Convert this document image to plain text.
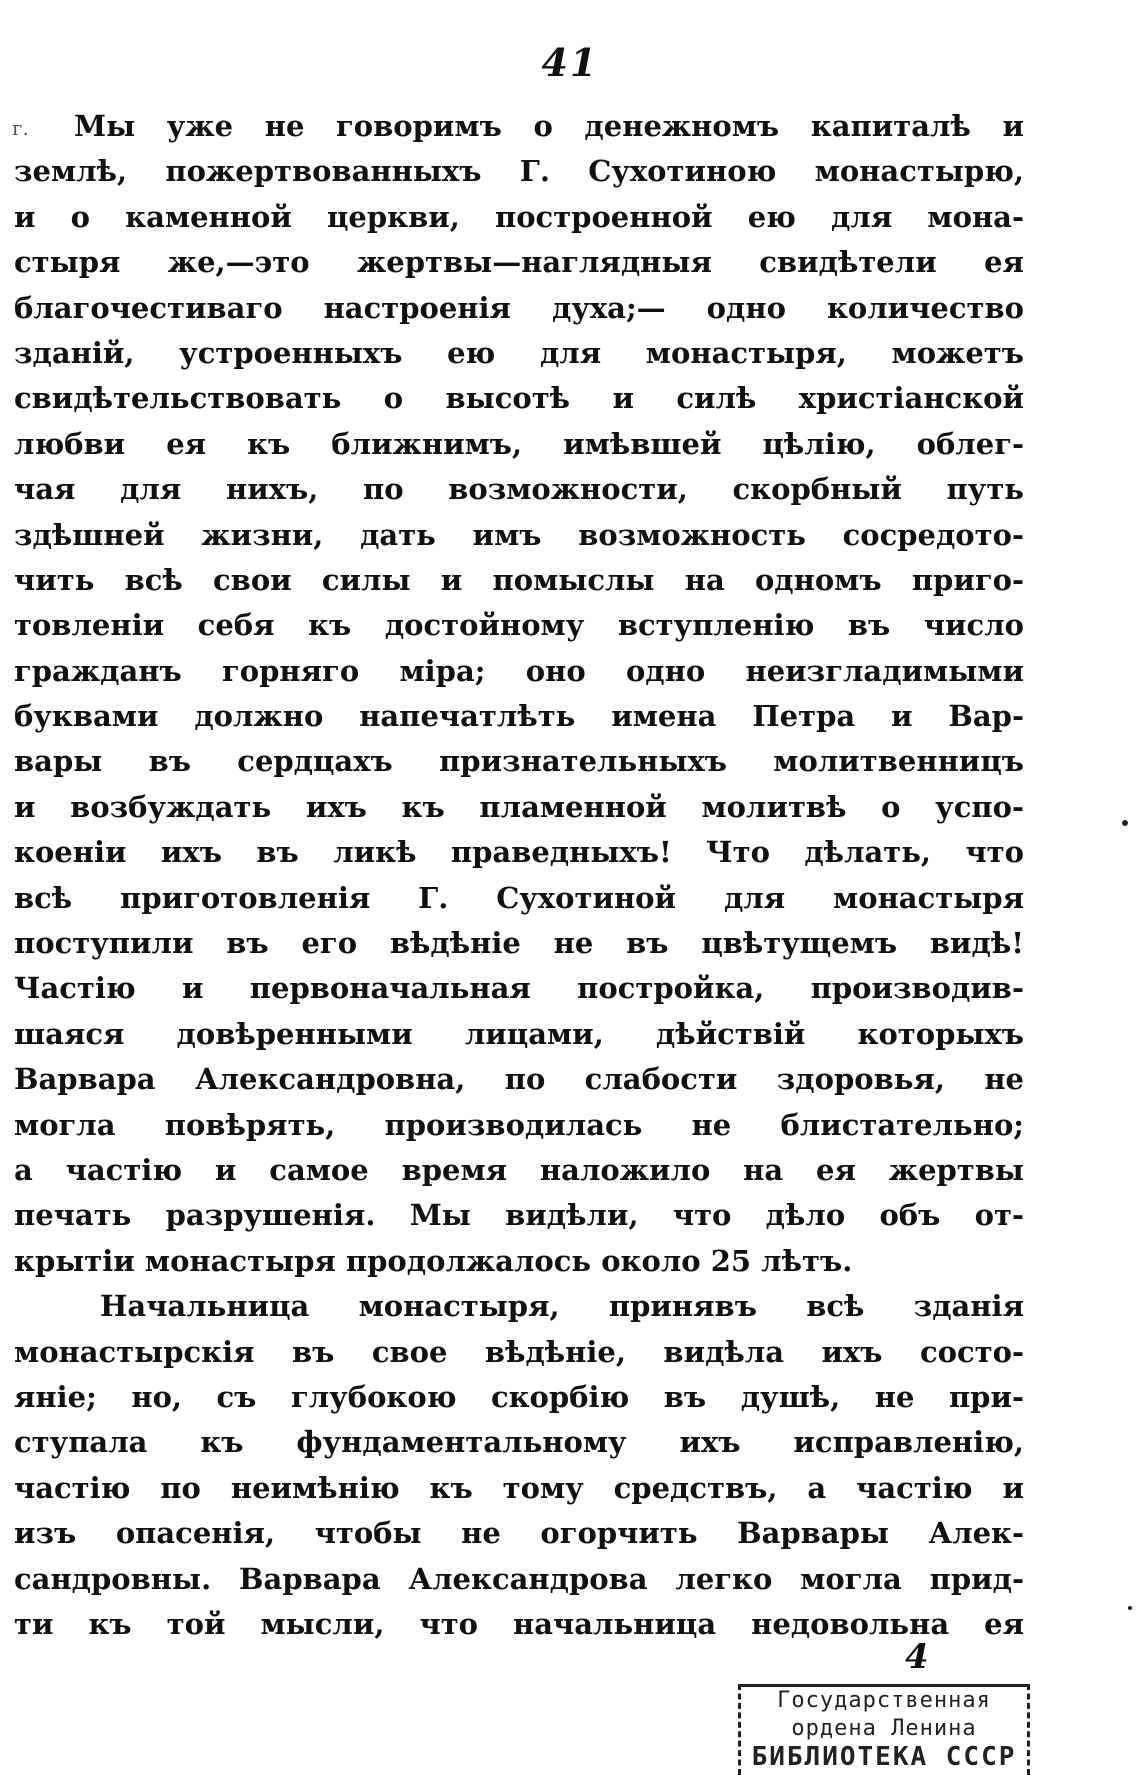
41
г.	Мы уже не говоримъ о денежномъ капиталѣ и
землѣ, пожертвованныхъ Г. Сухотиною монастырю,
и о каменной церкви, построенной ею для мона-
стыря же,—это жертвы—наглядныя свидѣтели ея
благочестиваго настроенія духа;— одно количество
зданій, устроенныхъ ею для монастыря, можетъ
свидѣтельствовать о высотѣ и силѣ христіанской
любви ея къ ближнимъ, имѣвшей цѣлію, облег-
чая для нихъ, по возможности, скорбный путь
здѣшней жизни, дать имъ возможность сосредото-
чить всѣ свои силы и помыслы на одномъ приго-
товленіи себя къ достойному вступленію въ число
гражданъ горняго міра; оно одно неизгладимыми
буквами должно напечатлѣть имена Петра и Вар-
вары въ сердцахъ признательныхъ молитвенницъ
и возбуждать ихъ къ пламенной молитвѣ о успо-
коеніи ихъ въ ликѣ праведныхъ! Что дѣлать, что
всѣ приготовленія Г. Сухотиной для монастыря
поступили въ его вѣдѣніе не въ цвѣтущемъ видѣ!
Частію и первоначальная постройка, производив-
шаяся довѣренными лицами, дѣйствій которыхъ
Варвара Александровна, по слабости здоровья, не
могла повѣрять, производилась не блистательно;
а частію и самое время наложило на ея жертвы
печать разрушенія. Мы видѣли, что дѣло объ от-
крытіи монастыря продолжалось около 25 лѣтъ.
Начальница монастыря, принявъ всѣ зданія
монастырскія въ свое вѣдѣніе, видѣла ихъ состо-
яніе; но, съ глубокою скорбію въ душѣ, не при-
ступала къ фундаментальному ихъ исправленію,
частію по неимѣнію къ тому средствъ, а частію и
изъ опасенія, чтобы не огорчить Варвары Алек-
сандровны. Варвара Александрова легко могла прид-
ти къ той мысли, что начальница недовольна ея
4
Государственная
ордена Ленина
БИБЛИОТЕКА СССР
